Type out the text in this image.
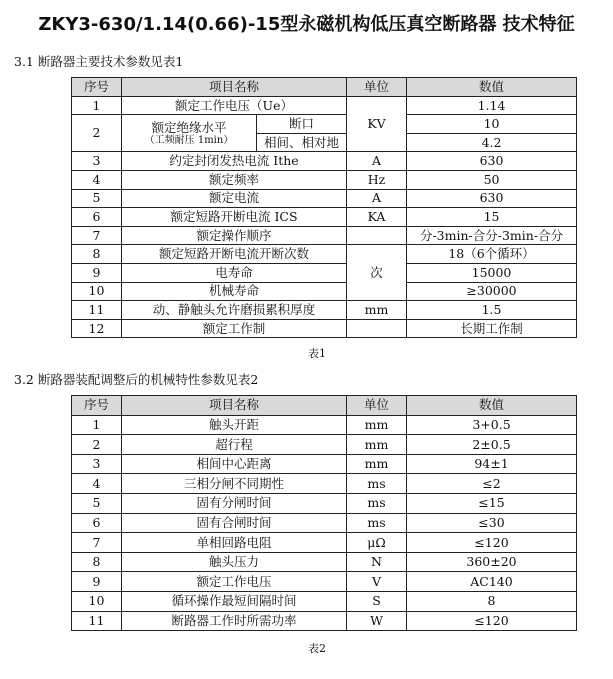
ZKY3-630/1.14(0.66)-15型永磁机构低压真空断路器 技术特征
3.1 断路器主要技术参数见表1
序号	项目名称		单位	数值
1	额定工作电压（Ue）		KV	1.14
2	额定绝缘水平
（工频耐压 1min）	断口		10
		相间、相对地		4.2
3	约定封闭发热电流 Ithe		A	630
4	额定频率		Hz	50
5	额定电流		A	630
6	额定短路开断电流 ICS		KA	15
7	额定操作顺序			分-3min-合分-3min-合分
8	额定短路开断电流开断次数		次	18（6个循环）
9	电寿命			15000
10	机械寿命			≥30000
11	动、静触头允许磨损累积厚度		mm	1.5
12	额定工作制			长期工作制
表1
3.2 断路器装配调整后的机械特性参数见表2
序号	项目名称	单位	数值
1	触头开距	mm	3+0.5
2	超行程	mm	2±0.5
3	相间中心距离	mm	94±1
4	三相分闸不同期性	ms	≤2
5	固有分闸时间	ms	≤15
6	固有合闸时间	ms	≤30
7	单相回路电阻	μΩ	≤120
8	触头压力	N	360±20
9	额定工作电压	V	AC140
10	循环操作最短间隔时间	S	8
11	断路器工作时所需功率	W	≤120
表2
